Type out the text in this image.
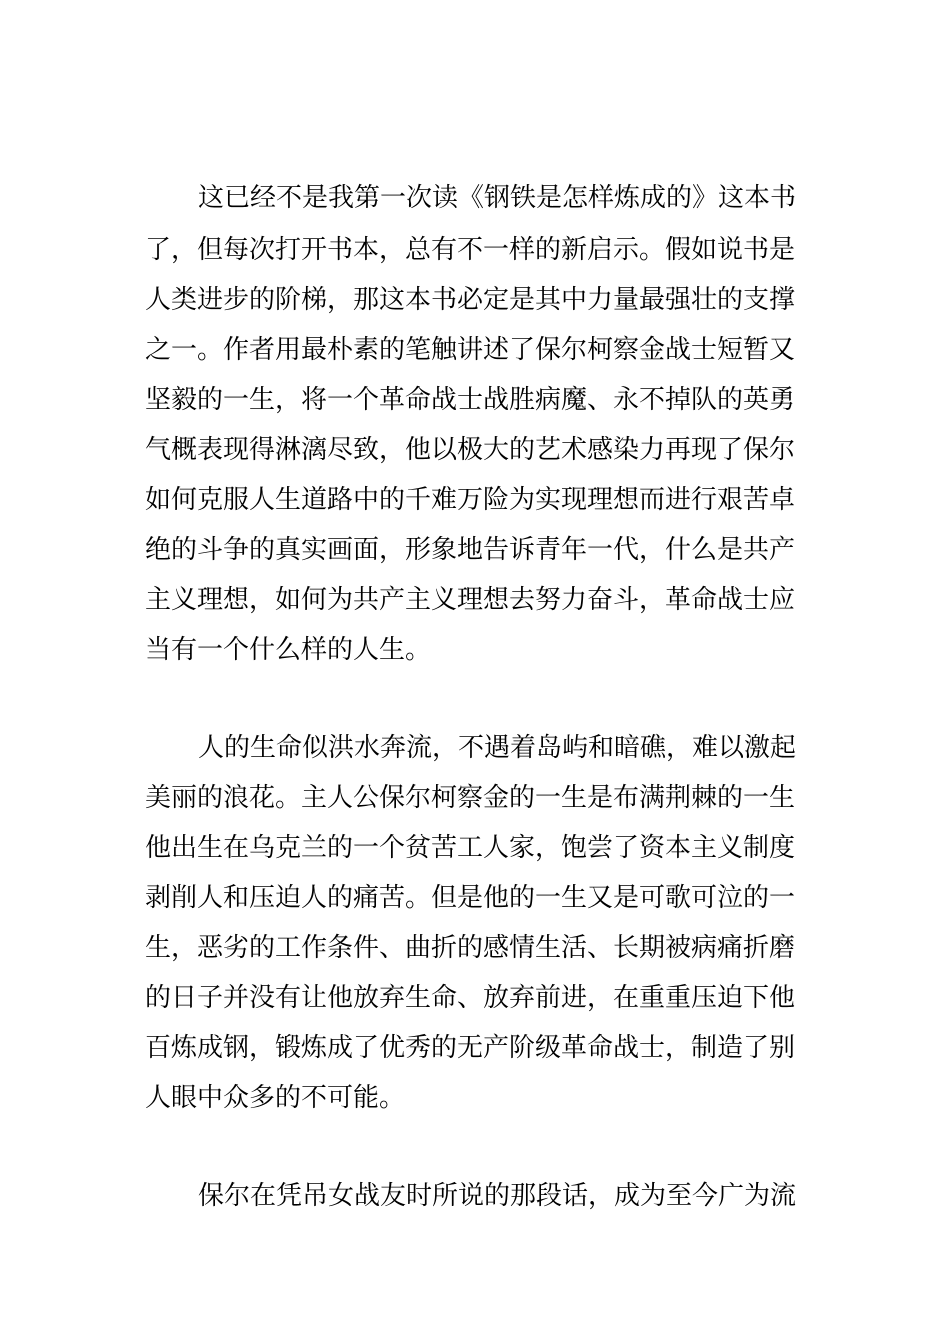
这已经不是我第一次读《钢铁是怎样炼成的》这本书
了，但每次打开书本，总有不一样的新启示。假如说书是
人类进步的阶梯，那这本书必定是其中力量最强壮的支撑
之一。作者用最朴素的笔触讲述了保尔柯察金战士短暂又
坚毅的一生，将一个革命战士战胜病魔、永不掉队的英勇
气概表现得淋漓尽致，他以极大的艺术感染力再现了保尔
如何克服人生道路中的千难万险为实现理想而进行艰苦卓
绝的斗争的真实画面，形象地告诉青年一代，什么是共产
主义理想，如何为共产主义理想去努力奋斗，革命战士应
当有一个什么样的人生。
人的生命似洪水奔流，不遇着岛屿和暗礁，难以激起
美丽的浪花。主人公保尔柯察金的一生是布满荆棘的一生
他出生在乌克兰的一个贫苦工人家，饱尝了资本主义制度
剥削人和压迫人的痛苦。但是他的一生又是可歌可泣的一
生，恶劣的工作条件、曲折的感情生活、长期被病痛折磨
的日子并没有让他放弃生命、放弃前进，在重重压迫下他
百炼成钢，锻炼成了优秀的无产阶级革命战士，制造了别
人眼中众多的不可能。
保尔在凭吊女战友时所说的那段话，成为至今广为流
